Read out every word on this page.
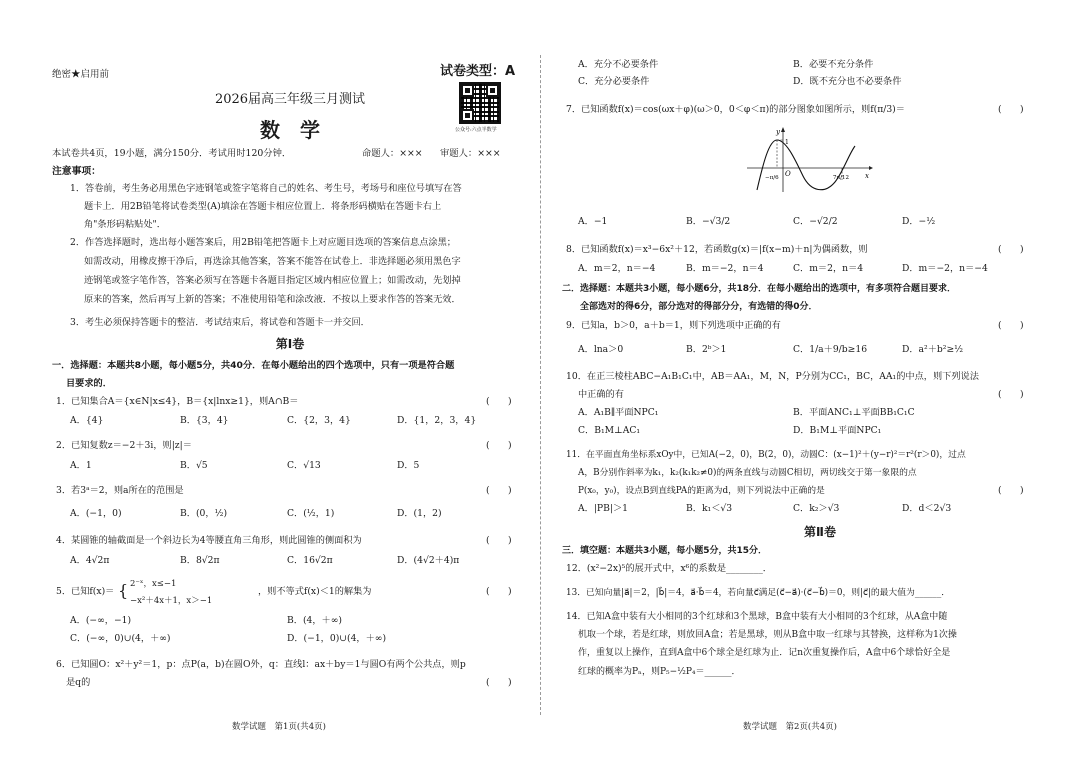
绝密★启用前	试卷类型：A
公众号:六点半数学
2026届高三年级三月测试
数　学
本试卷共4页，19小题，满分150分．考试用时120分钟．	命题人：××× 审题人：×××
注意事项：
1．答卷前，考生务必用黑色字迹钢笔或签字笔将自己的姓名、考生号，考场号和座位号填写在答
题卡上．用2B铅笔将试卷类型(A)填涂在答题卡相应位置上．将条形码横贴在答题卡右上
角"条形码粘贴处"．
2．作答选择题时，选出每小题答案后，用2B铅笔把答题卡上对应题目选项的答案信息点涂黑；
如需改动，用橡皮擦干净后，再选涂其他答案，答案不能答在试卷上．非选择题必须用黑色字
迹钢笔或签字笔作答，答案必须写在答题卡各题目指定区域内相应位置上；如需改动，先划掉
原来的答案，然后再写上新的答案；不准使用铅笔和涂改液．不按以上要求作答的答案无效．
3．考生必须保持答题卡的整洁．考试结束后，将试卷和答题卡一并交回．
第Ⅰ卷
一．选择题：本题共8小题，每小题5分，共40分．在每小题给出的四个选项中，只有一项是符合题
目要求的．
1．已知集合A＝{x∈N|x≤4}，B＝{x|lnx≥1}，则A∩B＝	(　　)
A．{4}	B．{3，4}	C．{2，3，4}	D．{1，2，3，4}
2．已知复数z＝−2＋3i，则|z|＝	(　　)
A．1	B．√5	C．√13	D．5
3．若3ᵃ＝2，则a所在的范围是	(　　)
A．(−1，0)	B．(0，½)	C．(½，1)	D．(1，2)
4．某圆锥的轴截面是一个斜边长为4等腰直角三角形，则此圆锥的侧面积为	(　　)
A．4√2π	B．8√2π	C．16√2π	D．(4√2＋4)π
5．已知f(x)＝ { 2⁻ˣ，x≤−1
−x²＋4x＋1，x＞−1
，则不等式f(x)＜1的解集为	(　　)
A．(−∞，−1)	B．(4，＋∞)
C．(−∞，0)∪(4，＋∞)	D．(−1，0)∪(4，＋∞)
6．已知圆O：x²＋y²＝1，p：点P(a，b)在圆O外，q：直线l：ax＋by＝1与圆O有两个公共点，则p
是q的	(　　)
数学试题　第1页(共4页)
A．充分不必要条件	B．必要不充分条件
C．充分必要条件	D．既不充分也不必要条件
7．已知函数f(x)＝cos(ωx＋φ)(ω＞0，0＜φ＜π)的部分图象如图所示，则f(π/3)＝	(　　)
y
x
O
1
−π/6	7π/12
A．−1	B．−√3/2	C．−√2/2	D．−½
8．已知函数f(x)＝x³−6x²＋12，若函数g(x)＝|f(x−m)＋n|为偶函数，则	(　　)
A．m＝2，n＝−4	B．m＝−2，n＝4	C．m＝2，n＝4	D．m＝−2，n＝−4
二．选择题：本题共3小题，每小题6分，共18分．在每小题给出的选项中，有多项符合题目要求．
全部选对的得6分，部分选对的得部分分，有选错的得0分．
9．已知a，b＞0，a＋b＝1，则下列选项中正确的有	(　　)
A．lna＞0	B．2ᵇ＞1	C．1/a＋9/b≥16	D．a²＋b²≥½
10．在正三棱柱ABC−A₁B₁C₁中，AB＝AA₁，M，N，P分别为CC₁，BC，AA₁的中点，则下列说法
中正确的有	(　　)
A．A₁B∥平面NPC₁	B．平面ANC₁⊥平面BB₁C₁C
C．B₁M⊥AC₁	D．B₁M⊥平面NPC₁
11．在平面直角坐标系xOy中，已知A(−2，0)，B(2，0)，动圆C：(x−1)²＋(y−r)²＝r²(r＞0)，过点
A，B分别作斜率为k₁，k₂(k₁k₂≠0)的两条直线与动圆C相切，两切线交于第一象限的点
P(x₀，y₀)，设点B到直线PA的距离为d，则下列说法中正确的是	(　　)
A．|PB|＞1	B．k₁＜√3	C．k₂＞√3	D．d＜2√3
第Ⅱ卷
三．填空题：本题共3小题，每小题5分，共15分．
12．(x²−2x)⁵的展开式中，x⁶的系数是________．
13．已知向量|a⃗|＝2，|b⃗|＝4，a⃗·b⃗＝4，若向量c⃗满足(c⃗−a⃗)·(c⃗−b⃗)＝0，则|c⃗|的最大值为______．
14．已知A盒中装有大小相同的3个红球和3个黑球，B盒中装有大小相同的3个红球，从A盒中随
机取一个球，若是红球，则放回A盒；若是黑球，则从B盒中取一红球与其替换，这样称为1次操
作，重复以上操作，直到A盒中6个球全是红球为止．记n次重复操作后，A盒中6个球恰好全是
红球的概率为Pₙ，则P₅−½P₄＝______．
数学试题　第2页(共4页)
